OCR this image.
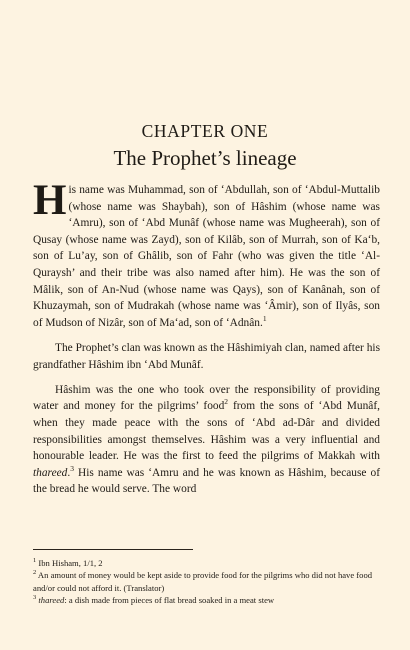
CHAPTER ONE
The Prophet’s lineage

His name was Muhammad, son of ‘Abdullah, son of ‘Abdul-Muttalib (whose name was Shaybah), son of Hâshim (whose name was ‘Amru), son of ‘Abd Munâf (whose name was Mugheerah), son of Qusay (whose name was Zayd), son of Kilâb, son of Murrah, son of Ka‘b, son of Lu’ay, son of Ghâlib, son of Fahr (who was given the title ‘Al-Quraysh’ and their tribe was also named after him). He was the son of Mâlik, son of An-Nud (whose name was Qays), son of Kanânah, son of Khuzaymah, son of Mudrakah (whose name was ‘Âmir), son of Ilyâs, son of Mudson of Nizâr, son of Ma‘ad, son of ‘Adnân.$^1$

The Prophet’s clan was known as the Hâshimiyah clan, named after his grandfather Hâshim ibn ‘Abd Munâf.

Hâshim was the one who took over the responsibility of providing water and money for the pilgrims’ food$^2$ from the sons of ‘Abd Munâf, when they made peace with the sons of ‘Abd ad-Dâr and divided responsibilities amongst themselves. Hâshim was a very influential and honourable leader. He was the first to feed the pilgrims of Makkah with thareed.$^3$ His name was ‘Amru and he was known as Hâshim, because of the bread he would serve. The word

$^1$ Ibn Hisham, 1/1, 2
$^2$ An amount of money would be kept aside to provide food for the pilgrims who did not have food and/or could not afford it. (Translator)
$^3$ thareed: a dish made from pieces of flat bread soaked in a meat stew
